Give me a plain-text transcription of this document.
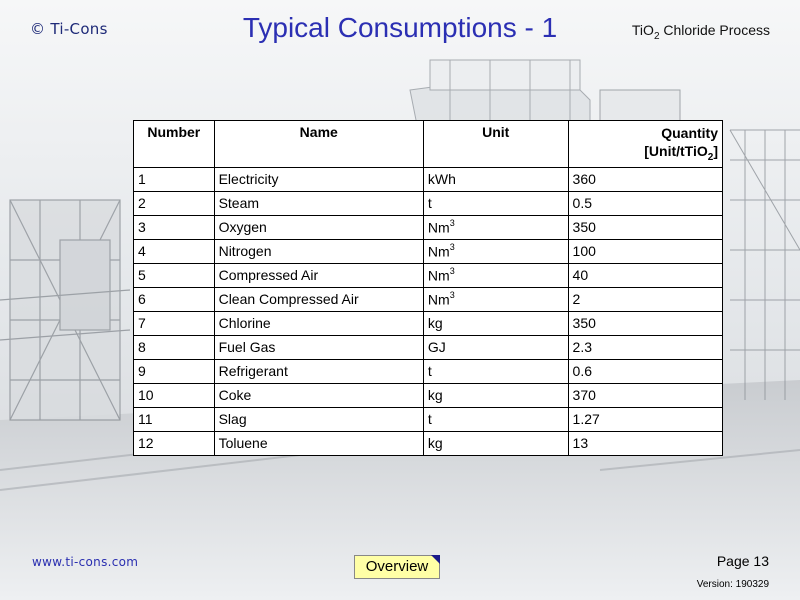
© Ti-Cons	Typical Consumptions - 1	TiO$_2$ Chloride Process
Number	Name	Unit	Quantity
[Unit/tTiO$_2$]
1	Electricity	kWh	360
2	Steam	t	0.5
3	Oxygen	Nm$^3$	350
4	Nitrogen	Nm$^3$	100
5	Compressed Air	Nm$^3$	40
6	Clean Compressed Air	Nm$^3$	2
7	Chlorine	kg	350
8	Fuel Gas	GJ	2.3
9	Refrigerant	t	0.6
10	Coke	kg	370
11	Slag	t	1.27
12	Toluene	kg	13
www.ti-cons.com	Overview	Page 13
Version: 190329
